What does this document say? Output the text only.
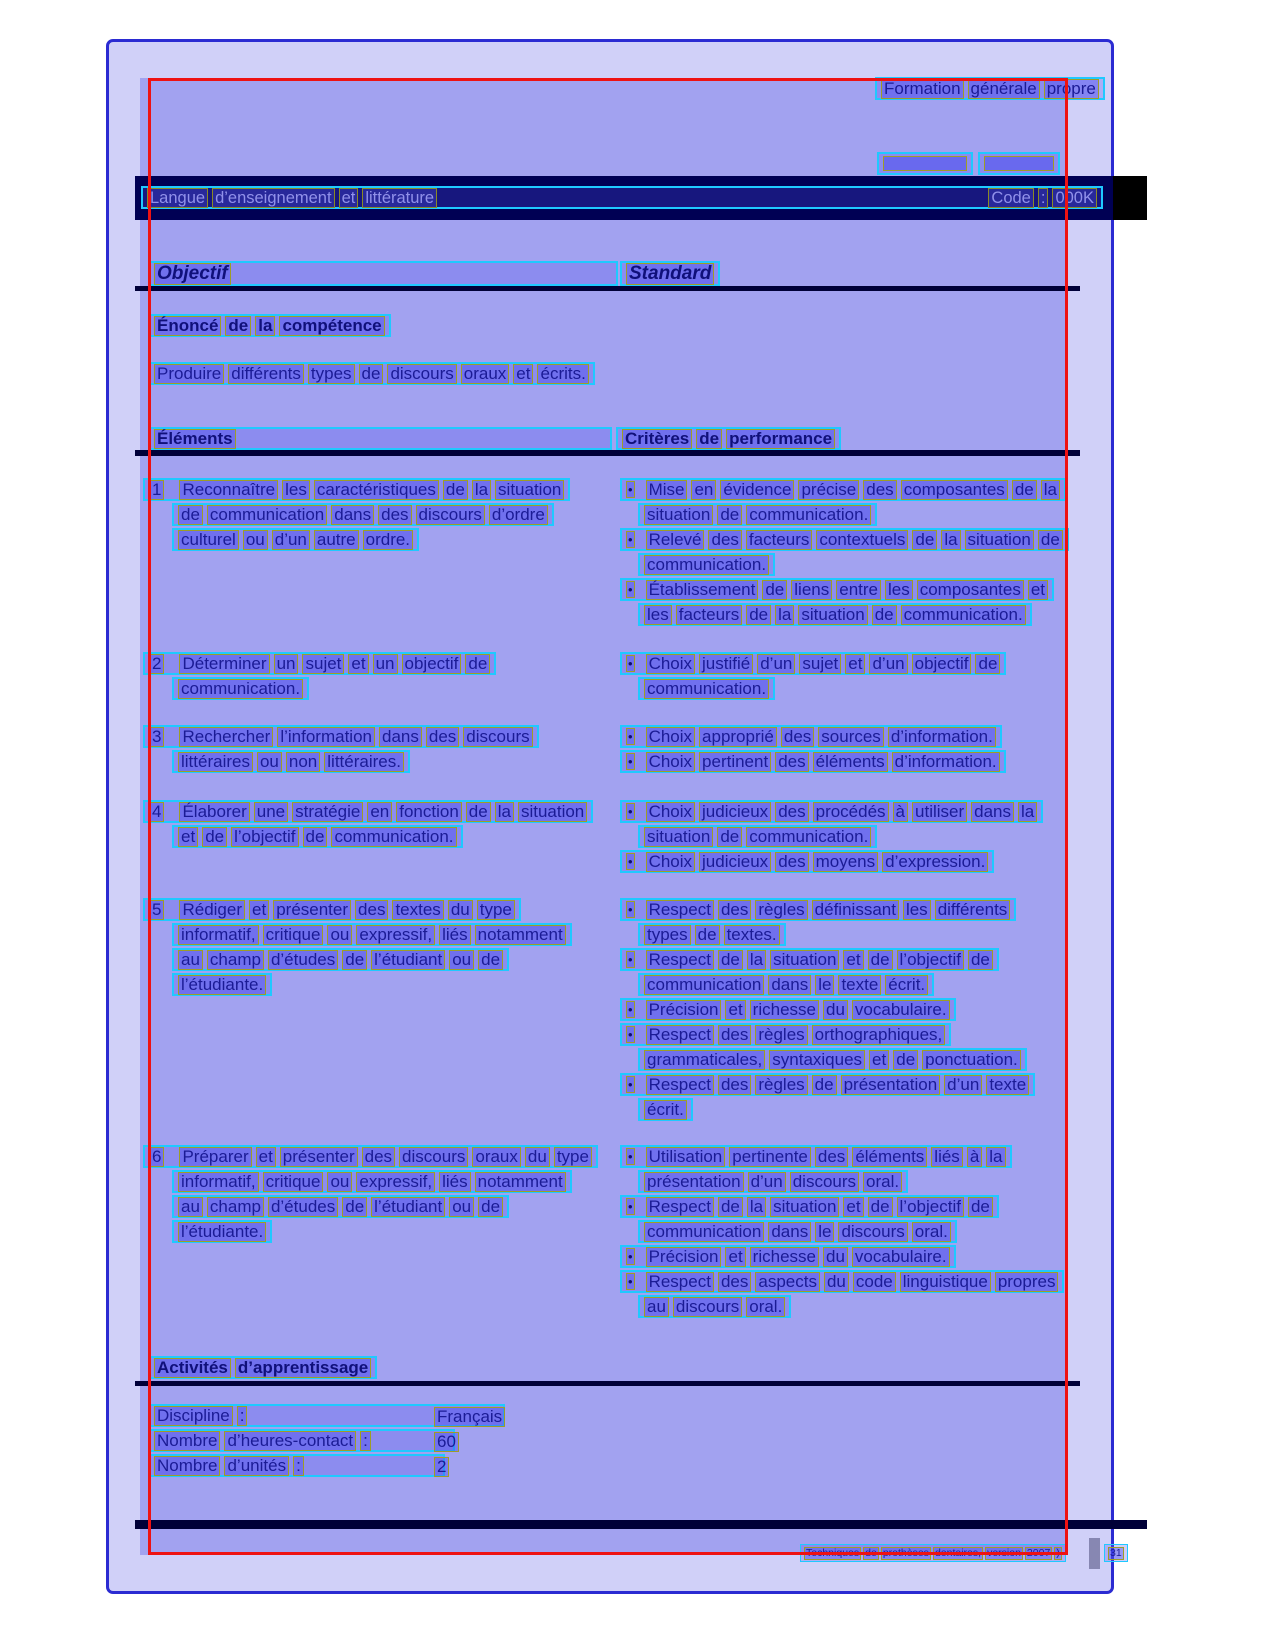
Langue d’enseignement et littérature	Code : 000K
Formation générale propre
Objectif	Standard
Énoncé de la compétence
Produire différents types de discours oraux et écrits.
Éléments	Critères de performance
1 Reconnaître les caractéristiques de la situation
de communication dans des discours d’ordre
culturel ou d’un autre ordre.
• Mise en évidence précise des composantes de la
situation de communication.
• Relevé des facteurs contextuels de la situation de
communication.
• Établissement de liens entre les composantes et
les facteurs de la situation de communication.
2 Déterminer un sujet et un objectif de
communication.
• Choix justifié d’un sujet et d’un objectif de
communication.
3 Rechercher l’information dans des discours
littéraires ou non littéraires.
• Choix approprié des sources d’information.
• Choix pertinent des éléments d’information.
4 Élaborer une stratégie en fonction de la situation
et de l’objectif de communication.
• Choix judicieux des procédés à utiliser dans la
situation de communication.
• Choix judicieux des moyens d’expression.
5 Rédiger et présenter des textes du type
informatif, critique ou expressif, liés notamment
au champ d’études de l’étudiant ou de
l’étudiante.
• Respect des règles définissant les différents
types de textes.
• Respect de la situation et de l’objectif de
communication dans le texte écrit.
• Précision et richesse du vocabulaire.
• Respect des règles orthographiques,
grammaticales, syntaxiques et de ponctuation.
• Respect des règles de présentation d’un texte
écrit.
6 Préparer et présenter des discours oraux du type
informatif, critique ou expressif, liés notamment
au champ d’études de l’étudiant ou de
l’étudiante.
• Utilisation pertinente des éléments liés à la
présentation d’un discours oral.
• Respect de la situation et de l’objectif de
communication dans le discours oral.
• Précision et richesse du vocabulaire.
• Respect des aspects du code linguistique propres
au discours oral.
Activités d’apprentissage
Discipline :	Français
Nombre d’heures-contact :	60
Nombre d’unités :	2
Techniques de prothèses dentaires, version 2007 )	31
